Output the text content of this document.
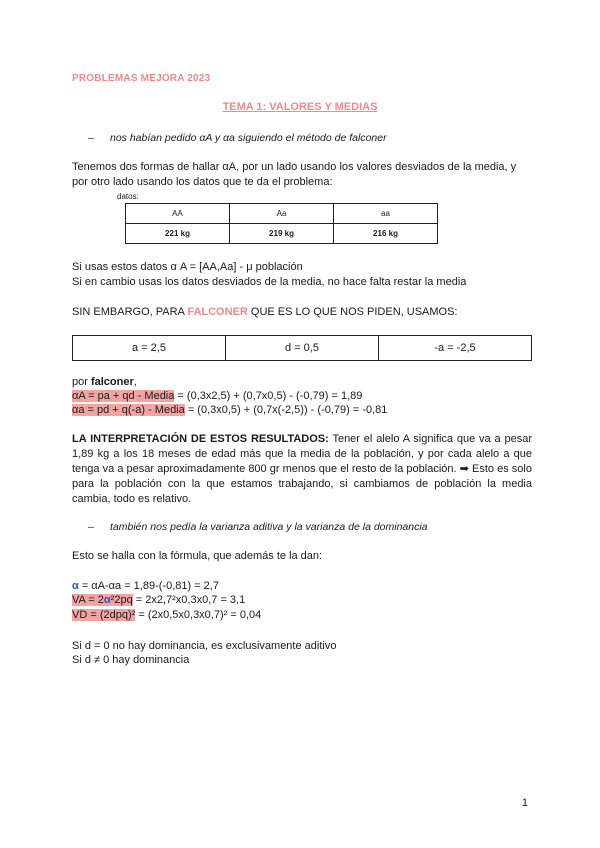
PROBLEMAS MEJORA 2023
TEMA 1: VALORES Y MEDIAS
– nos habían pedido αA y αa siguiendo el método de falconer
Tenemos dos formas de hallar αA, por un lado usando los valores desviados de la media, y por otro lado usando los datos que te da el problema:
datos:
AA	Aa	aa
221 kg	219 kg	216 kg
Si usas estos datos α A = [AA,Aa] - μ población
Si en cambio usas los datos desviados de la media, no hace falta restar la media
SIN EMBARGO, PARA FALCONER QUE ES LO QUE NOS PIDEN, USAMOS:
a = 2,5	d = 0,5	-a = -2,5
por falconer,
αA = pa + qd - Media = (0,3x2,5) + (0,7x0,5) - (-0,79) = 1,89
αa = pd + q(-a) - Media = (0,3x0,5) + (0,7x(-2,5)) - (-0,79) = -0,81
LA INTERPRETACIÓN DE ESTOS RESULTADOS: Tener el alelo A significa que va a pesar 1,89 kg a los 18 meses de edad más que la media de la población, y por cada alelo a que tenga va a pesar aproximadamente 800 gr menos que el resto de la población. ➡ Esto es solo para la población con la que estamos trabajando, si cambiamos de población la media cambia, todo es relativo.
– también nos pedía la varianza aditiva y la varianza de la dominancia
Esto se halla con la fórmula, que además te la dan:
α = αA-αa = 1,89-(-0,81) = 2,7
VA = 2α²2pq = 2x2,7²x0,3x0,7 = 3,1
VD = (2dpq)² = (2x0,5x0,3x0,7)² = 0,04
Si d = 0 no hay dominancia, es exclusivamente aditivo
Si d ≠ 0 hay dominancia
1
